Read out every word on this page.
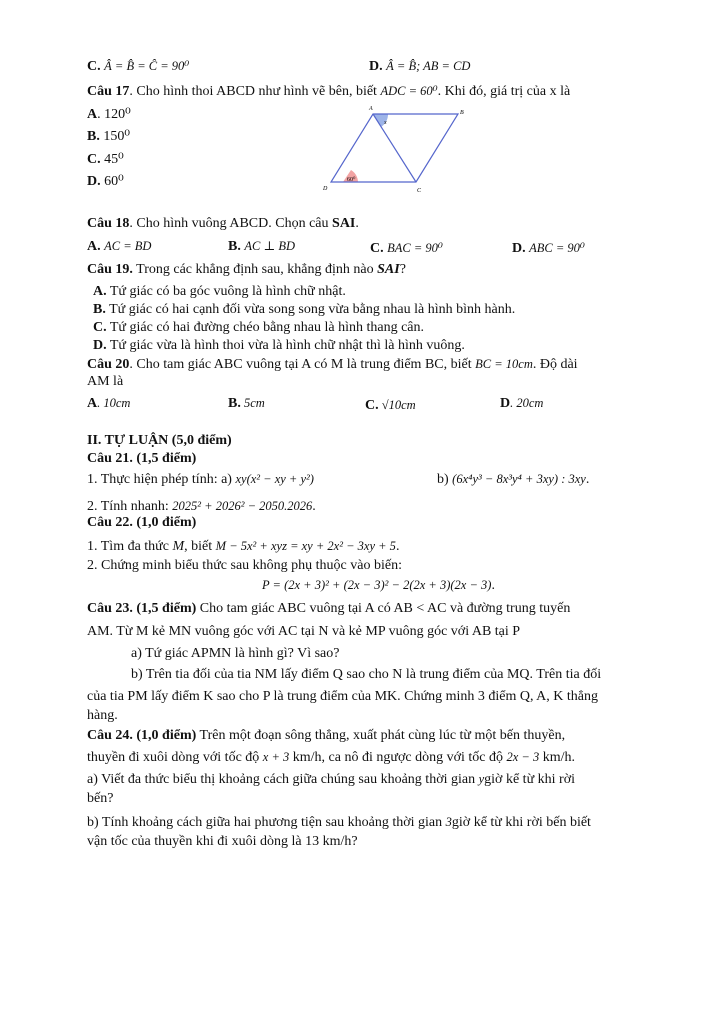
C. Â = B̂ = Ĉ = 90⁰	D. Â = B̂; AB = CD
Câu 17. Cho hình thoi ABCD như hình vẽ bên, biết ADC = 60⁰. Khi đó, giá trị của x là
A. 120⁰
B. 150⁰
C. 45⁰
D. 60⁰
A
B
C
D
x
60⁰
Câu 18. Cho hình vuông ABCD. Chọn câu SAI.
A. AC = BD	B. AC ⊥ BD	C. BAC = 90⁰	D. ABC = 90⁰
Câu 19. Trong các khẳng định sau, khẳng định nào SAI?
A. Tứ giác có ba góc vuông là hình chữ nhật.
B. Tứ giác có hai cạnh đối vừa song song vừa bằng nhau là hình bình hành.
C. Tứ giác có hai đường chéo bằng nhau là hình thang cân.
D. Tứ giác vừa là hình thoi vừa là hình chữ nhật thì là hình vuông.
Câu 20. Cho tam giác ABC vuông tại A có M là trung điểm BC, biết BC = 10cm. Độ dài
AM là
A. 10cm	B. 5cm	C. √10cm	D. 20cm
II. TỰ LUẬN (5,0 điểm)
Câu 21. (1,5 điểm)
1. Thực hiện phép tính: a) xy(x² − xy + y²)	b) (6x⁴y³ − 8x³y⁴ + 3xy) : 3xy.
2. Tính nhanh: 2025² + 2026² − 2050.2026.
Câu 22. (1,0 điểm)
1. Tìm đa thức M, biết M − 5x² + xyz = xy + 2x² − 3xy + 5.
2. Chứng minh biểu thức sau không phụ thuộc vào biến:
P = (2x + 3)² + (2x − 3)² − 2(2x + 3)(2x − 3).
Câu 23. (1,5 điểm) Cho tam giác ABC vuông tại A có AB < AC và đường trung tuyến
AM. Từ M kẻ MN vuông góc với AC tại N và kẻ MP vuông góc với AB tại P
a) Tứ giác APMN là hình gì? Vì sao?
b) Trên tia đối của tia NM lấy điểm Q sao cho N là trung điểm của MQ. Trên tia đối
của tia PM lấy điểm K sao cho P là trung điểm của MK. Chứng minh 3 điểm Q, A, K thẳng
hàng.
Câu 24. (1,0 điểm) Trên một đoạn sông thẳng, xuất phát cùng lúc từ một bến thuyền,
thuyền đi xuôi dòng với tốc độ x + 3 km/h, ca nô đi ngược dòng với tốc độ 2x − 3 km/h.
a) Viết đa thức biểu thị khoảng cách giữa chúng sau khoảng thời gian ygiờ kể từ khi rời
bến?
b) Tính khoảng cách giữa hai phương tiện sau khoảng thời gian 3giờ kể từ khi rời bến biết
vận tốc của thuyền khi đi xuôi dòng là 13 km/h?
